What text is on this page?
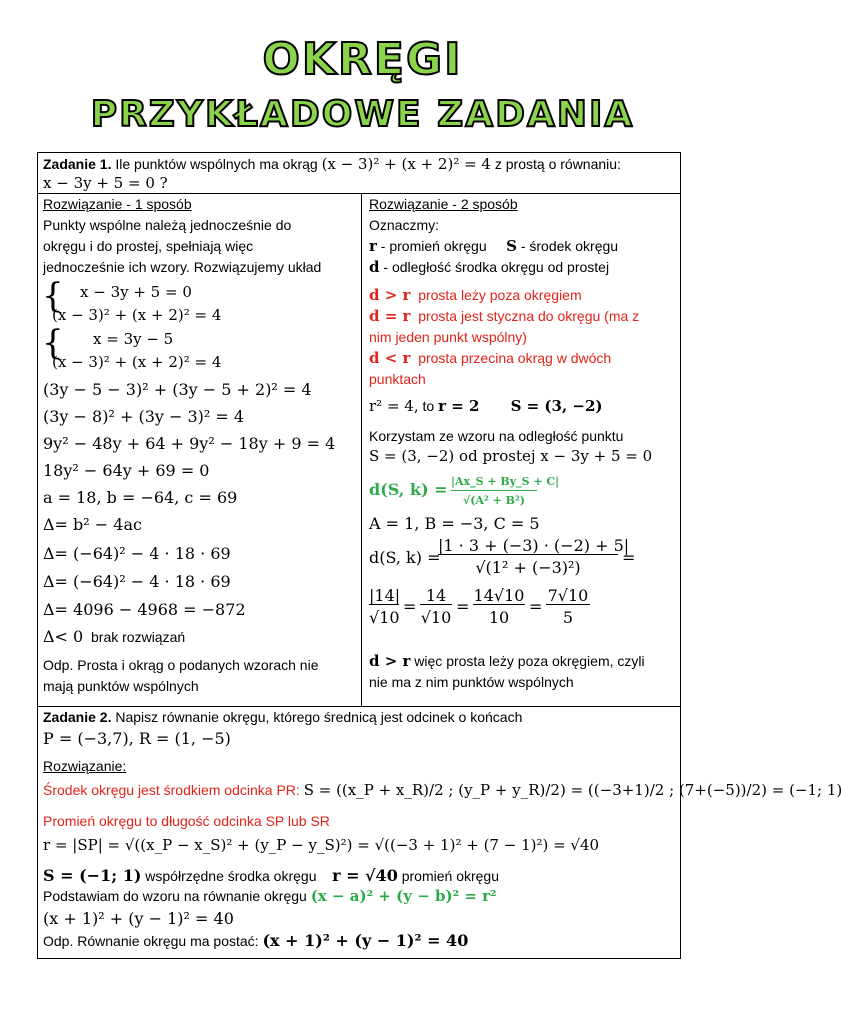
OKRĘGI
PRZYKŁADOWE ZADANIA
Zadanie 1. Ile punktów wspólnych ma okrąg (x − 3)² + (x + 2)² = 4 z prostą o równaniu:
x − 3y + 5 = 0 ?
Rozwiązanie - 1 sposób
Punkty wspólne należą jednocześnie do
okręgu i do prostej, spełniają więc
jednocześnie ich wzory. Rozwiązujemy układ
{ x − 3y + 5 = 0
(x − 3)² + (x + 2)² = 4
{ x = 3y − 5
(x − 3)² + (x + 2)² = 4
(3y − 5 − 3)² + (3y − 5 + 2)² = 4
(3y − 8)² + (3y − 3)² = 4
9y² − 48y + 64 + 9y² − 18y + 9 = 4
18y² − 64y + 69 = 0
a = 18, b = −64, c = 69
Δ= b² − 4ac
Δ= (−64)² − 4 · 18 · 69
Δ= (−64)² − 4 · 18 · 69
Δ= 4096 − 4968 = −872
Δ< 0 brak rozwiązań
Odp. Prosta i okrąg o podanych wzorach nie
mają punktów wspólnych
Rozwiązanie - 2 sposób
Oznaczmy:
r - promień okręgu S - środek okręgu
d - odległość środka okręgu od prostej
d > r prosta leży poza okręgiem
d = r prosta jest styczna do okręgu (ma z
nim jeden punkt wspólny)
d < r prosta przecina okrąg w dwóch
punktach
r² = 4, to r = 2 S = (3, −2)
Korzystam ze wzoru na odległość punktu
S = (3, −2) od prostej x − 3y + 5 = 0
d(S, k) = |Ax_S + By_S + C|
√(A² + B²)
A = 1, B = −3, C = 5
d(S, k) =
|1 · 3 + (−3) · (−2) + 5|
√(1² + (−3)²)
=
|14|
√10
=
14
√10
=
14√10
10
=
7√10
5
d > r więc prosta leży poza okręgiem, czyli
nie ma z nim punktów wspólnych
Zadanie 2. Napisz równanie okręgu, którego średnicą jest odcinek o końcach
P = (−3,7), R = (1, −5)
Rozwiązanie:
Środek okręgu jest środkiem odcinka PR: S = ((x_P + x_R)/2 ; (y_P + y_R)/2) = ((−3+1)/2 ; (7+(−5))/2) = (−1; 1)
Promień okręgu to długość odcinka SP lub SR
r = |SP| = √((x_P − x_S)² + (y_P − y_S)²) = √((−3 + 1)² + (7 − 1)²) = √40
S = (−1; 1) współrzędne środka okręgu r = √40 promień okręgu
Podstawiam do wzoru na równanie okręgu (x − a)² + (y − b)² = r²
(x + 1)² + (y − 1)² = 40
Odp. Równanie okręgu ma postać: (x + 1)² + (y − 1)² = 40
